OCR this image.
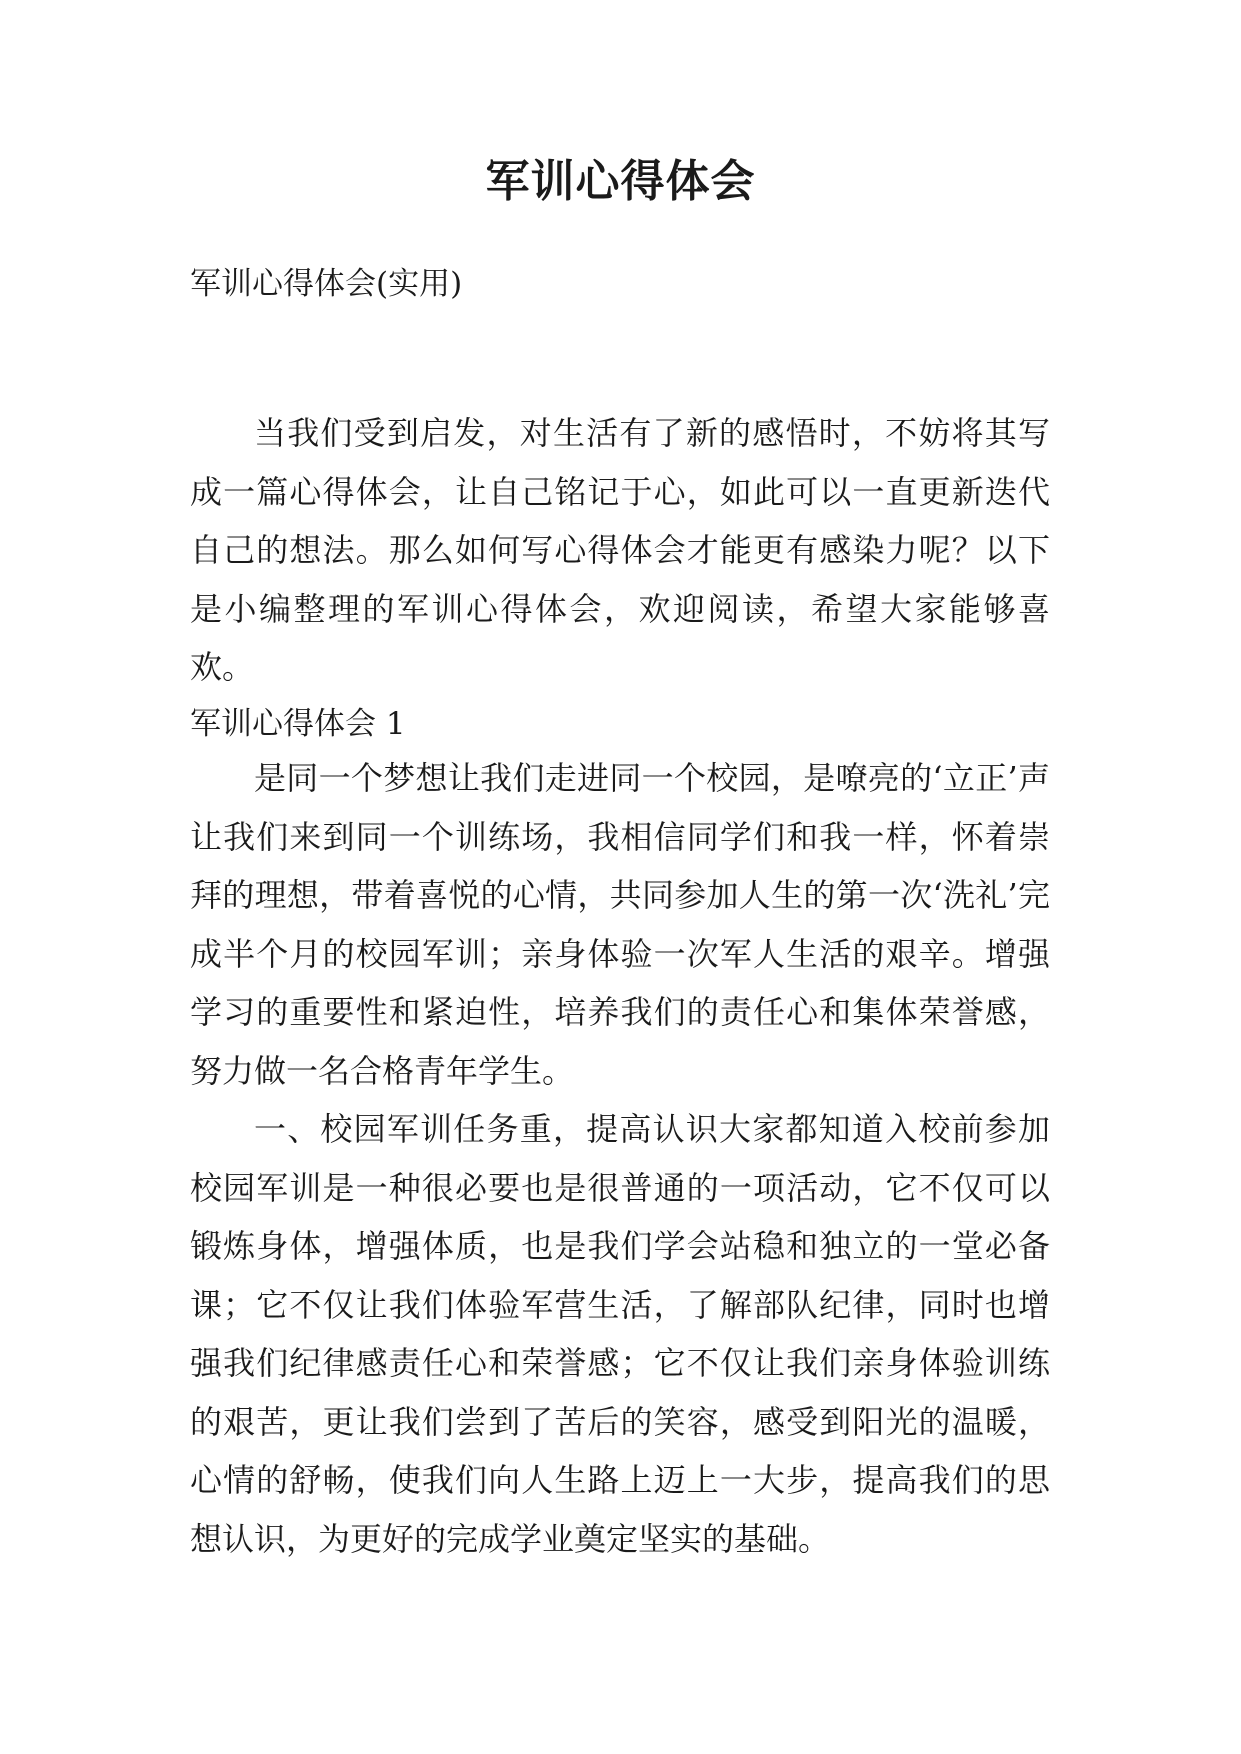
军训心得体会
军训心得体会(实用)

当我们受到启发，对生活有了新的感悟时，不妨将其写成一篇心得体会，让自己铭记于心，如此可以一直更新迭代自己的想法。那么如何写心得体会才能更有感染力呢？以下是小编整理的军训心得体会，欢迎阅读，希望大家能够喜欢。

军训心得体会 1

是同一个梦想让我们走进同一个校园，是嘹亮的‘立正’声让我们来到同一个训练场，我相信同学们和我一样，怀着崇拜的理想，带着喜悦的心情，共同参加人生的第一次‘洗礼’完成半个月的校园军训；亲身体验一次军人生活的艰辛。增强学习的重要性和紧迫性，培养我们的责任心和集体荣誉感，努力做一名合格青年学生。

一、校园军训任务重，提高认识大家都知道入校前参加校园军训是一种很必要也是很普通的一项活动，它不仅可以锻炼身体，增强体质，也是我们学会站稳和独立的一堂必备课；它不仅让我们体验军营生活，了解部队纪律，同时也增强我们纪律感责任心和荣誉感；它不仅让我们亲身体验训练的艰苦，更让我们尝到了苦后的笑容，感受到阳光的温暖，心情的舒畅，使我们向人生路上迈上一大步，提高我们的思想认识，为更好的完成学业奠定坚实的基础。
